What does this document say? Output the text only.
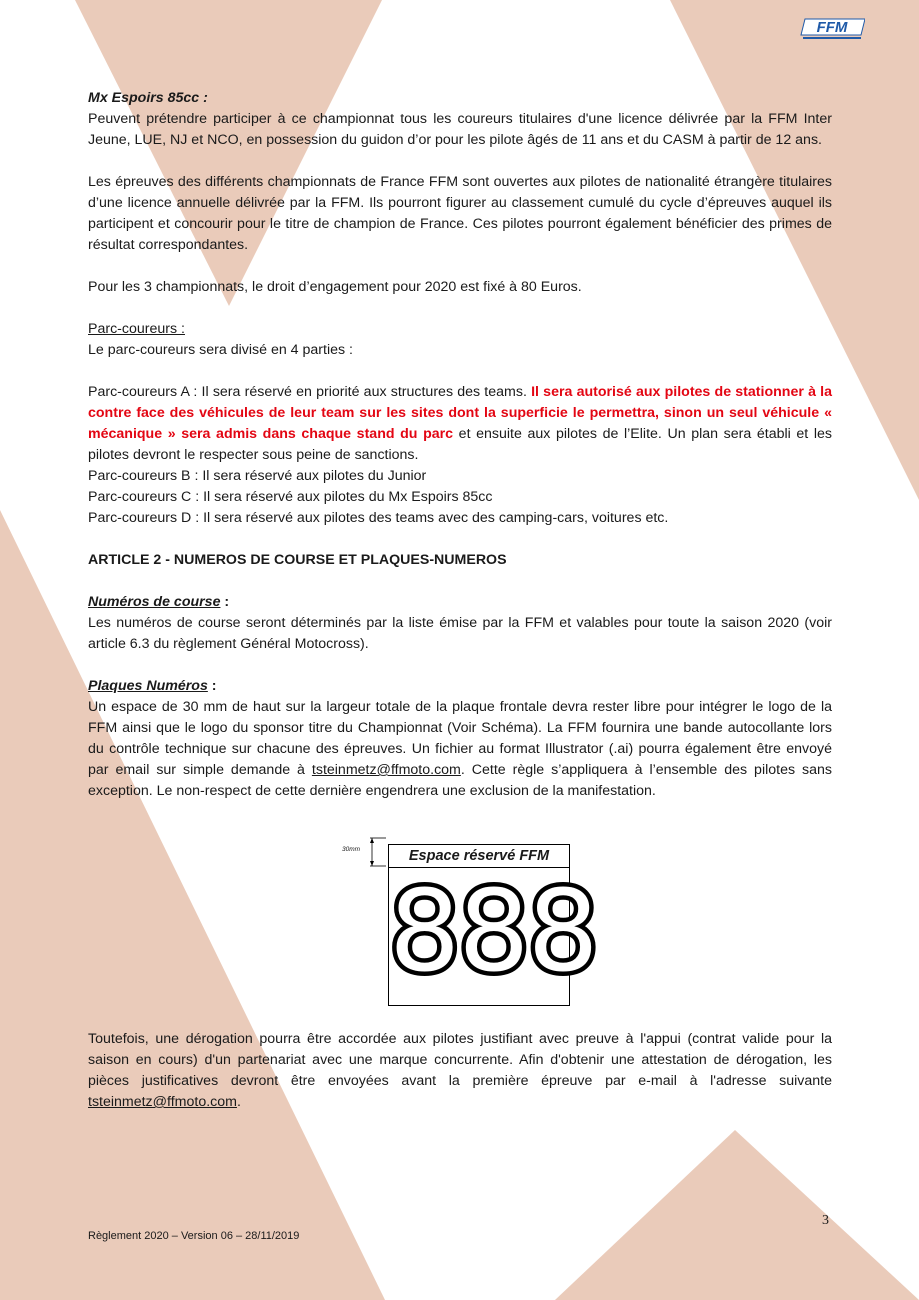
FFM

Mx Espoirs 85cc :

Peuvent prétendre participer à ce championnat tous les coureurs titulaires d'une licence délivrée par la FFM Inter Jeune, LUE, NJ et NCO, en possession du guidon d’or pour les pilote âgés de 11 ans et du CASM à partir de 12 ans.

Les épreuves des différents championnats de France FFM sont ouvertes aux pilotes de nationalité étrangère titulaires d’une licence annuelle délivrée par la FFM. Ils pourront figurer au classement cumulé du cycle d’épreuves auquel ils participent et concourir pour le titre de champion de France. Ces pilotes pourront également bénéficier des primes de résultat correspondantes.

Pour les 3 championnats, le droit d’engagement pour 2020 est fixé à 80 Euros.

Parc-coureurs :

Le parc-coureurs sera divisé en 4 parties :

Parc-coureurs A : Il sera réservé en priorité aux structures des teams. Il sera autorisé aux pilotes de stationner à la contre face des véhicules de leur team sur les sites dont la superficie le permettra, sinon un seul véhicule « mécanique » sera admis dans chaque stand du parc et ensuite aux pilotes de l’Elite. Un plan sera établi et les pilotes devront le respecter sous peine de sanctions.

Parc-coureurs B : Il sera réservé aux pilotes du Junior

Parc-coureurs C : Il sera réservé aux pilotes du Mx Espoirs 85cc

Parc-coureurs D : Il sera réservé aux pilotes des teams avec des camping-cars, voitures etc.

ARTICLE 2 - NUMEROS DE COURSE ET PLAQUES-NUMEROS

Numéros de course :

Les numéros de course seront déterminés par la liste émise par la FFM et valables pour toute la saison 2020 (voir article 6.3 du règlement Général Motocross).

Plaques Numéros :

Un espace de 30 mm de haut sur la largeur totale de la plaque frontale devra rester libre pour intégrer le logo de la FFM ainsi que le logo du sponsor titre du Championnat (Voir Schéma). La FFM fournira une bande autocollante lors du contrôle technique sur chacune des épreuves. Un fichier au format Illustrator (.ai) pourra également être envoyé par email sur simple demande à tsteinmetz@ffmoto.com. Cette règle s’appliquera à l’ensemble des pilotes sans exception. Le non-respect de cette dernière engendrera une exclusion de la manifestation.

30mm	Espace réservé FFM
888

Toutefois, une dérogation pourra être accordée aux pilotes justifiant avec preuve à l'appui (contrat valide pour la saison en cours) d'un partenariat avec une marque concurrente. Afin d'obtenir une attestation de dérogation, les pièces justificatives devront être envoyées avant la première épreuve par e-mail à l'adresse suivante tsteinmetz@ffmoto.com.

3
Règlement 2020 – Version 06 – 28/11/2019
